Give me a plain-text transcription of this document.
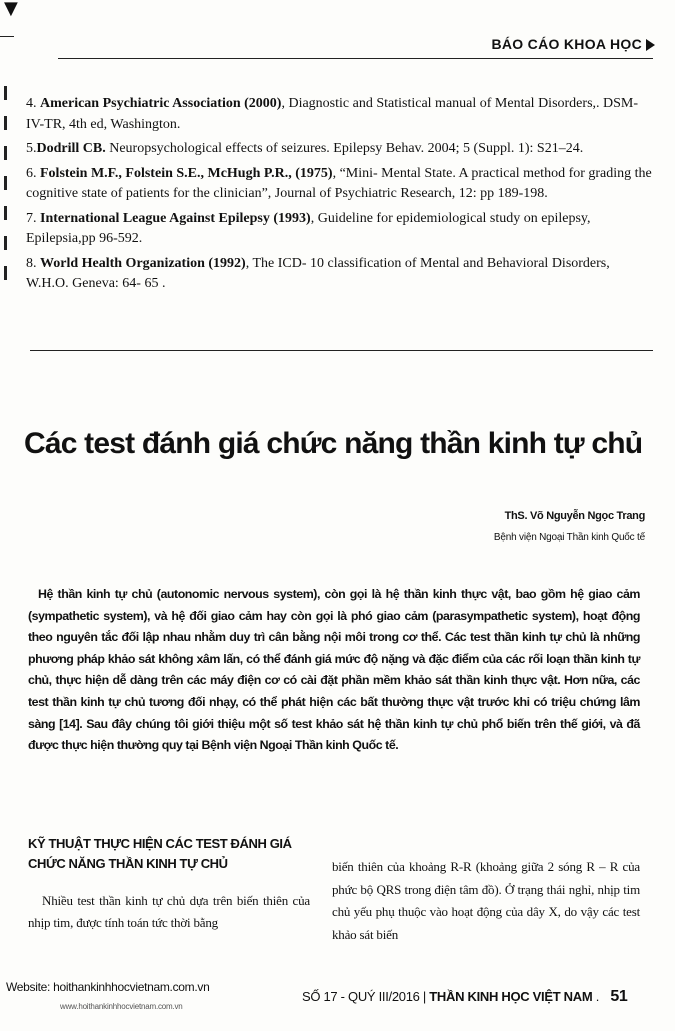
▼
BÁO CÁO KHOA HỌC

4. American Psychiatric Association (2000), Diagnostic and Statistical manual of Mental Disorders,. DSM- IV-TR, 4th ed, Washington.

5.Dodrill CB. Neuropsychological effects of seizures. Epilepsy Behav. 2004; 5 (Suppl. 1): S21–24.

6. Folstein M.F., Folstein S.E., McHugh P.R., (1975), “Mini- Mental State. A practical method for grading the cognitive state of patients for the clinician”, Journal of Psychiatric Research, 12: pp 189-198.

7. International League Against Epilepsy (1993), Guideline for epidemiological study on epilepsy, Epilepsia,pp 96-592.

8. World Health Organization (1992), The ICD- 10 classification of Mental and Behavioral Disorders, W.H.O. Geneva: 64- 65 .

Các test đánh giá chức năng thần kinh tự chủ
ThS. Võ Nguyễn Ngọc Trang
Bệnh viện Ngoại Thần kinh Quốc tế
Hệ thần kinh tự chủ (autonomic nervous system), còn gọi là hệ thần kinh thực vật, bao gồm hệ giao cảm (sympathetic system), và hệ đối giao cảm hay còn gọi là phó giao cảm (parasympathetic system), hoạt động theo nguyên tắc đối lập nhau nhằm duy trì cân bằng nội môi trong cơ thể. Các test thần kinh tự chủ là những phương pháp khảo sát không xâm lấn, có thể đánh giá mức độ nặng và đặc điểm của các rối loạn thần kinh tự chủ, thực hiện dễ dàng trên các máy điện cơ có cài đặt phần mềm khảo sát thần kinh thực vật. Hơn nữa, các test thần kinh tự chủ tương đối nhạy, có thể phát hiện các bất thường thực vật trước khi có triệu chứng lâm sàng [14]. Sau đây chúng tôi giới thiệu một số test khảo sát hệ thần kinh tự chủ phổ biến trên thế giới, và đã được thực hiện thường quy tại Bệnh viện Ngoại Thần kinh Quốc tế.
KỸ THUẬT THỰC HIỆN CÁC TEST ĐÁNH GIÁ CHỨC NĂNG THẦN KINH TỰ CHỦ
Nhiều test thần kinh tự chủ dựa trên biến thiên của nhịp tim, được tính toán tức thời bằng
biến thiên của khoảng R-R (khoảng giữa 2 sóng R – R của phức bộ QRS trong điện tâm đồ). Ở trạng thái nghỉ, nhịp tim chủ yếu phụ thuộc vào hoạt động của dây X, do vậy các test khảo sát biến
Website: hoithankinhhocvietnam.com.vn
www.hoithankinhhocvietnam.com.vn
SỐ 17 - QUÝ III/2016 | THẦN KINH HỌC VIỆT NAM . 51
